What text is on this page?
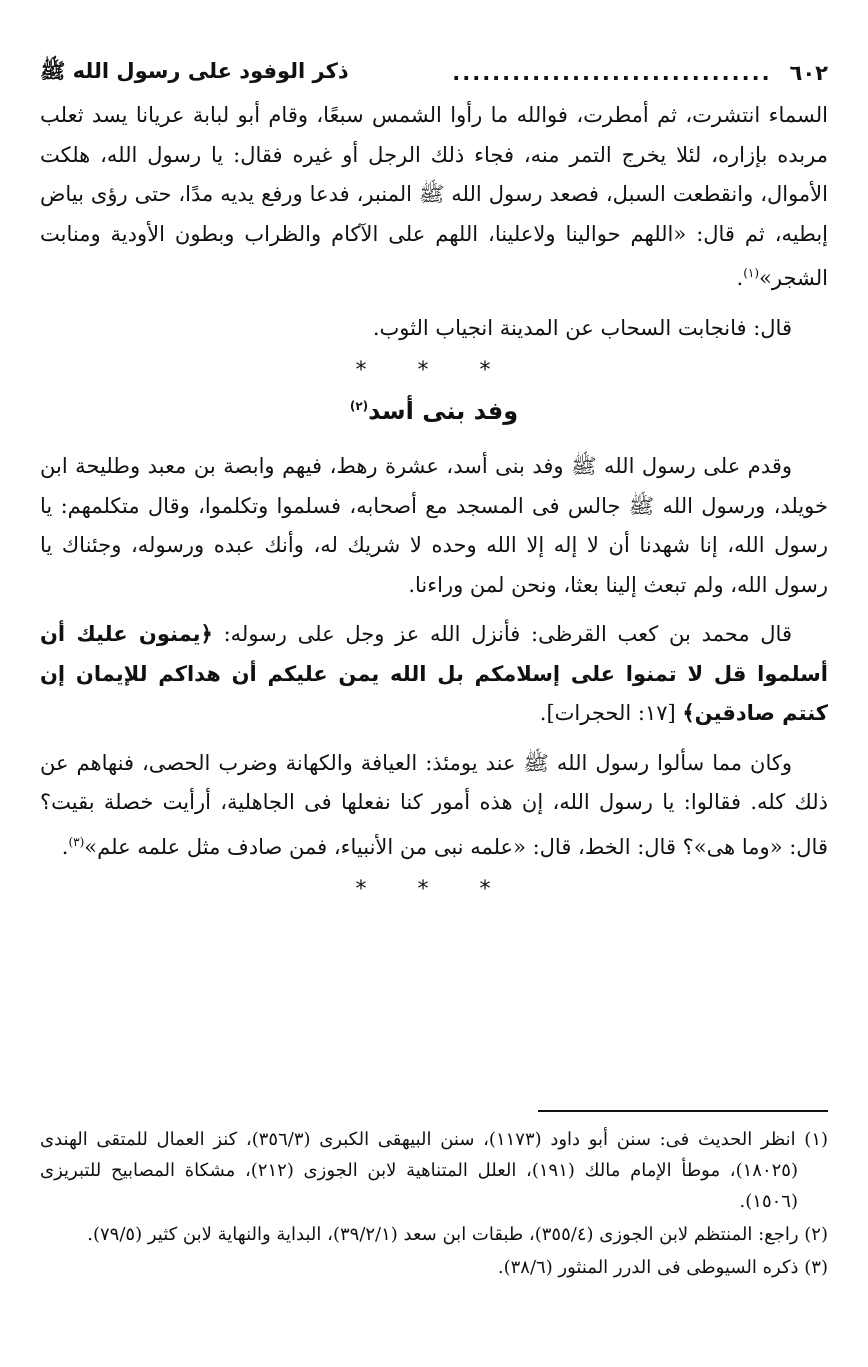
٦٠٢
................................
ذكر الوفود على رسول الله ﷺ

السماء انتشرت، ثم أمطرت، فوالله ما رأوا الشمس سبعًا، وقام أبو لبابة عريانا يسد ثعلب مربده بإزاره، لئلا يخرج التمر منه، فجاء ذلك الرجل أو غيره فقال: يا رسول الله، هلكت الأموال، وانقطعت السبل، فصعد رسول الله ﷺ المنبر، فدعا ورفع يديه مدًا، حتى رؤى بياض إبطيه، ثم قال: «اللهم حوالينا ولاعلينا، اللهم على الآكام والظراب وبطون الأودية ومنابت الشجر»$^{(١)}$.

قال: فانجابت السحاب عن المدينة انجياب الثوب.

* * *
وفد بنى أسد$^{(٢)}$

وقدم على رسول الله ﷺ وفد بنى أسد، عشرة رهط، فيهم وابصة بن معبد وطليحة ابن خويلد، ورسول الله ﷺ جالس فى المسجد مع أصحابه، فسلموا وتكلموا، وقال متكلمهم: يا رسول الله، إنا شهدنا أن لا إله إلا الله وحده لا شريك له، وأنك عبده ورسوله، وجئناك يا رسول الله، ولم تبعث إلينا بعثا، ونحن لمن وراءنا.

قال محمد بن كعب القرظى: فأنزل الله عز وجل على رسوله: ﴿يمنون عليك أن أسلموا قل لا تمنوا على إسلامكم بل الله يمن عليكم أن هداكم للإيمان إن كنتم صادقين﴾ [١٧: الحجرات].

وكان مما سألوا رسول الله ﷺ عند يومئذ: العيافة والكهانة وضرب الحصى، فنهاهم عن ذلك كله. فقالوا: يا رسول الله، إن هذه أمور كنا نفعلها فى الجاهلية، أرأيت خصلة بقيت؟ قال: «وما هى»؟ قال: الخط، قال: «علمه نبى من الأنبياء، فمن صادف مثل علمه علم»$^{(٣)}$.

* * *

(١) انظر الحديث فى: سنن أبو داود (١١٧٣)، سنن البيهقى الكبرى (٣٥٦/٣)، كنز العمال للمتقى الهندى (١٨٠٢٥)، موطأ الإمام مالك (١٩١)، العلل المتناهية لابن الجوزى (٢١٢)، مشكاة المصابيح للتبريزى (١٥٠٦).

(٢) راجع: المنتظم لابن الجوزى (٣٥٥/٤)، طبقات ابن سعد (٣٩/٢/١)، البداية والنهاية لابن كثير (٧٩/٥).

(٣) ذكره السيوطى فى الدرر المنثور (٣٨/٦).
